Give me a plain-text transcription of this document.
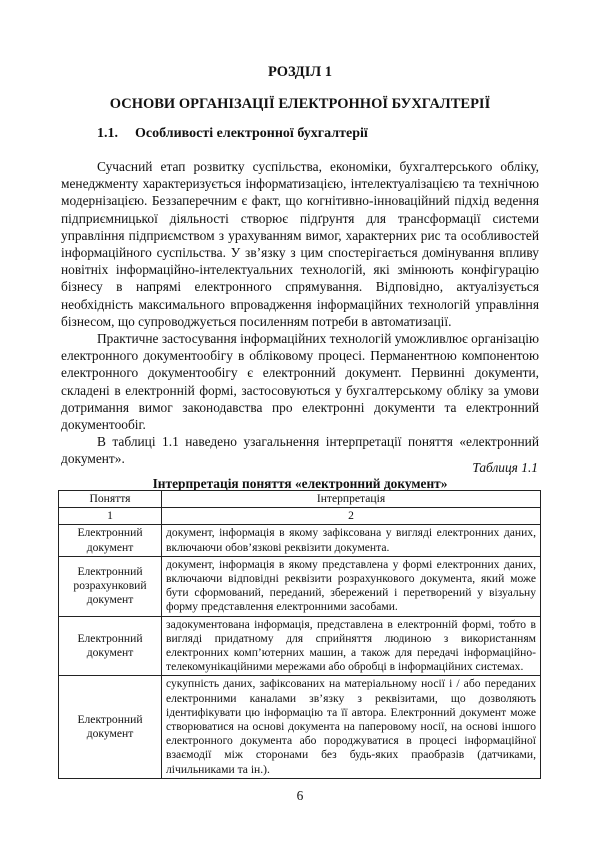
РОЗДІЛ 1
ОСНОВИ ОРГАНІЗАЦІЇ ЕЛЕКТРОННОЇ БУХГАЛТЕРІЇ
1.1. Особливості електронної бухгалтерії

Сучасний етап розвитку суспільства, економіки, бухгалтерського обліку, менеджменту характеризується інформатизацією, інтелектуалізацією та технічною модернізацією. Беззаперечним є факт, що когнітивно-інноваційний підхід ведення підприємницької діяльності створює підґрунтя для трансформації системи управління підприємством з урахуванням вимог, характерних рис та особливостей інформаційного суспільства. У зв’язку з цим спостерігається домінування впливу новітніх інформаційно-інтелектуальних технологій, які змінюють конфігурацію бізнесу в напрямі електронного спрямування. Відповідно, актуалізується необхідність максимального впровадження інформаційних технологій управління бізнесом, що супроводжується посиленням потреби в автоматизації.

Практичне застосування інформаційних технологій уможливлює організацію електронного документообігу в обліковому процесі. Перманентною компонентою електронного документообігу є електронний документ. Первинні документи, складені в електронній формі, застосовуються у бухгалтерському обліку за умови дотримання вимог законодавства про електронні документи та електронний документообіг.

В таблиці 1.1 наведено узагальнення інтерпретації поняття «електронний документ».

Таблиця 1.1
Інтерпретація поняття «електронний документ»
Поняття	Інтерпретація
1	2
Електронний документ	документ, інформація в якому зафіксована у вигляді електронних даних, включаючи обов’язкові реквізити документа.
Електронний розрахунковий документ	документ, інформація в якому представлена у формі електронних даних, включаючи відповідні реквізити розрахункового документа, який може бути сформований, переданий, збережений і перетворений у візуальну форму представлення електронними засобами.
Електронний документ	задокументована інформація, представлена в електронній формі, тобто в вигляді придатному для сприйняття людиною з використанням електронних комп’ютерних машин, а також для передачі інформаційно-телекомунікаційними мережами або обробці в інформаційних системах.
Електронний документ	сукупність даних, зафіксованих на матеріальному носії і / або переданих електронними каналами зв’язку з реквізитами, що дозволяють ідентифікувати цю інформацію та її автора. Електронний документ може створюватися на основі документа на паперовому носії, на основі іншого електронного документа або породжуватися в процесі інформаційної взаємодії між сторонами без будь-яких праобразів (датчиками, лічильниками та ін.).
6
